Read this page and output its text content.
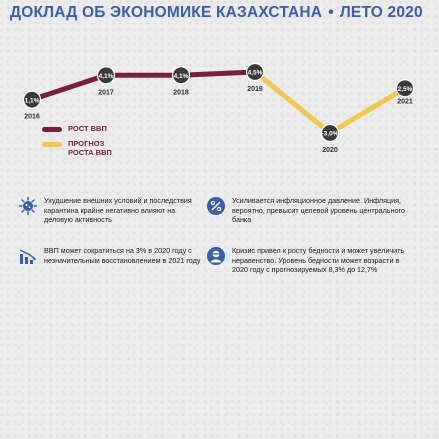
ДОКЛАД ОБ ЭКОНОМИКЕ КАЗАХСТАНА • ЛЕТО 2020
1,1%
4,1%	4,1%	4,5%
-3,0%
2,5%
2016
2017	2018	2019
2020
2021
РОСТ ВВП
ПРОГНОЗ РОСТА ВВП
Ухудшение внешних условий и последствия карантина крайне негативно влияют на деловую активность
Усиливается инфляционное давление. Инфляция, вероятно, превысит целевой уровень центрального банка
ВВП может сократиться на 3% в 2020 году с незначительным восстановлением в 2021 году
Кризис привел к росту бедности и может увеличить неравенство. Уровень бедности может возрасти в 2020 году с прогнозируемых 8,3% до 12,7%
